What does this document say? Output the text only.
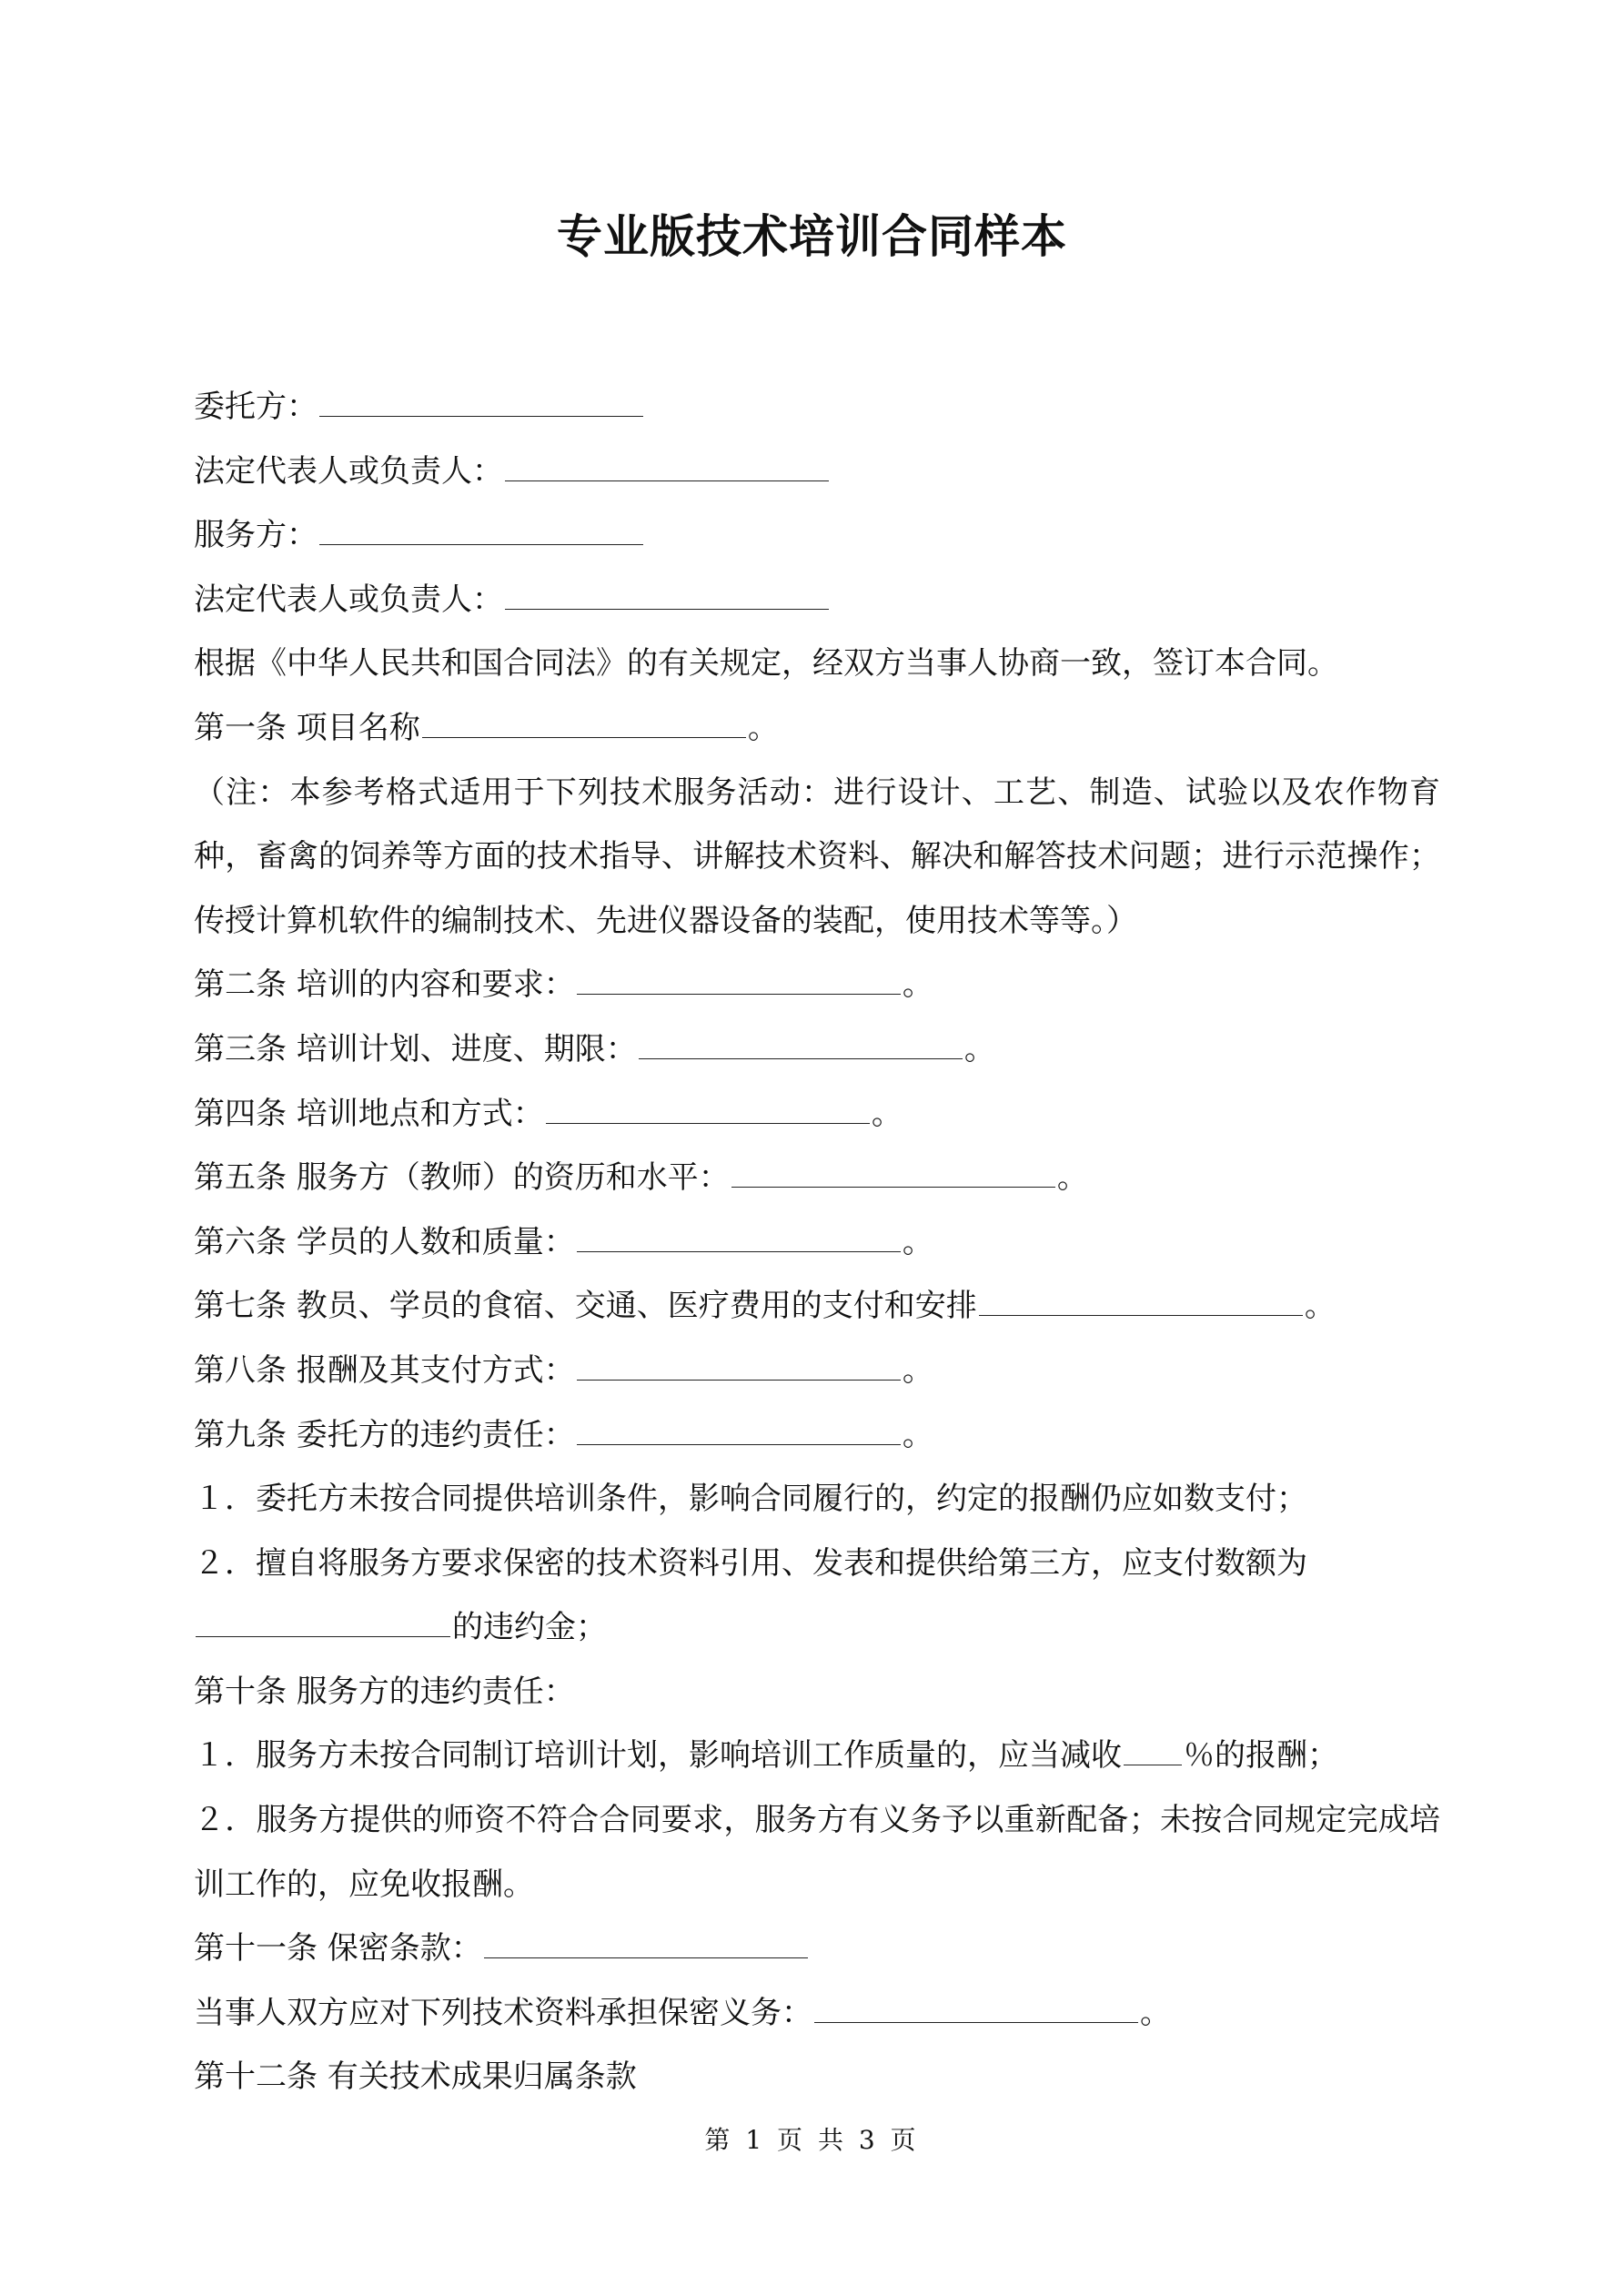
专业版技术培训合同样本
委托方：
法定代表人或负责人：
服务方：
法定代表人或负责人：
根据《中华人民共和国合同法》的有关规定，经双方当事人协商一致，签订本合同。
第一条 项目名称	。
（注：本参考格式适用于下列技术服务活动：进行设计、工艺、制造、试验以及农作物育种，畜禽的饲养等方面的技术指导、讲解技术资料、解决和解答技术问题；进行示范操作；传授计算机软件的编制技术、先进仪器设备的装配，使用技术等等。）
第二条 培训的内容和要求：	。
第三条 培训计划、进度、期限：	。
第四条 培训地点和方式：	。
第五条 服务方（教师）的资历和水平：	。
第六条 学员的人数和质量：	。
第七条 教员、学员的食宿、交通、医疗费用的支付和安排	。
第八条 报酬及其支付方式：	。
第九条 委托方的违约责任：	。
１．委托方未按合同提供培训条件，影响合同履行的，约定的报酬仍应如数支付；
２．擅自将服务方要求保密的技术资料引用、发表和提供给第三方，应支付数额为
的违约金；
第十条 服务方的违约责任：
１．服务方未按合同制订培训计划，影响培训工作质量的，应当减收 ％的报酬；
２．服务方提供的师资不符合合同要求，服务方有义务予以重新配备；未按合同规定完成培训工作的，应免收报酬。
第十一条 保密条款：
当事人双方应对下列技术资料承担保密义务：	。
第十二条 有关技术成果归属条款
第 1 页 共 3 页
